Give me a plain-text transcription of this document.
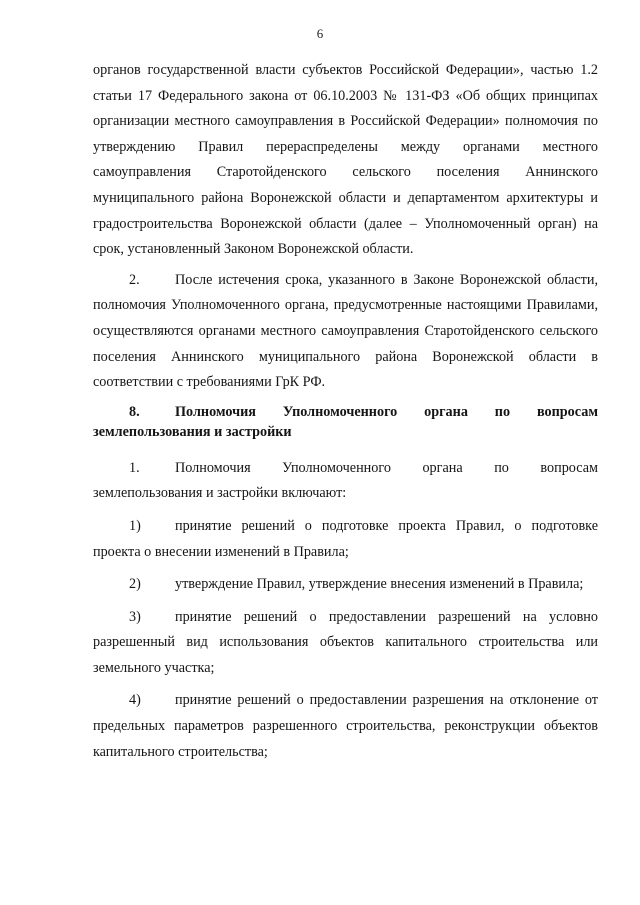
6

органов государственной власти субъектов Российской Федерации», частью 1.2 статьи 17 Федерального закона от 06.10.2003 № 131-ФЗ «Об общих принципах организации местного самоуправления в Российской Федерации» полномочия по утверждению Правил перераспределены между органами местного самоуправления Старотойденского сельского поселения Аннинского муниципального района Воронежской области и департаментом архитектуры и градостроительства Воронежской области (далее – Уполномоченный орган) на срок, установленный Законом Воронежской области.

2. После истечения срока, указанного в Законе Воронежской области, полномочия Уполномоченного органа, предусмотренные настоящими Правилами, осуществляются органами местного самоуправления Старотойденского сельского поселения Аннинского муниципального района Воронежской области в соответствии с требованиями ГрК РФ.

8. Полномочия Уполномоченного органа по вопросам землепользования и застройки

1. Полномочия Уполномоченного органа по вопросам землепользования и застройки включают:

1) принятие решений о подготовке проекта Правил, о подготовке проекта о внесении изменений в Правила;

2) утверждение Правил, утверждение внесения изменений в Правила;

3) принятие решений о предоставлении разрешений на условно разрешенный вид использования объектов капитального строительства или земельного участка;

4) принятие решений о предоставлении разрешения на отклонение от предельных параметров разрешенного строительства, реконструкции объектов капитального строительства;
